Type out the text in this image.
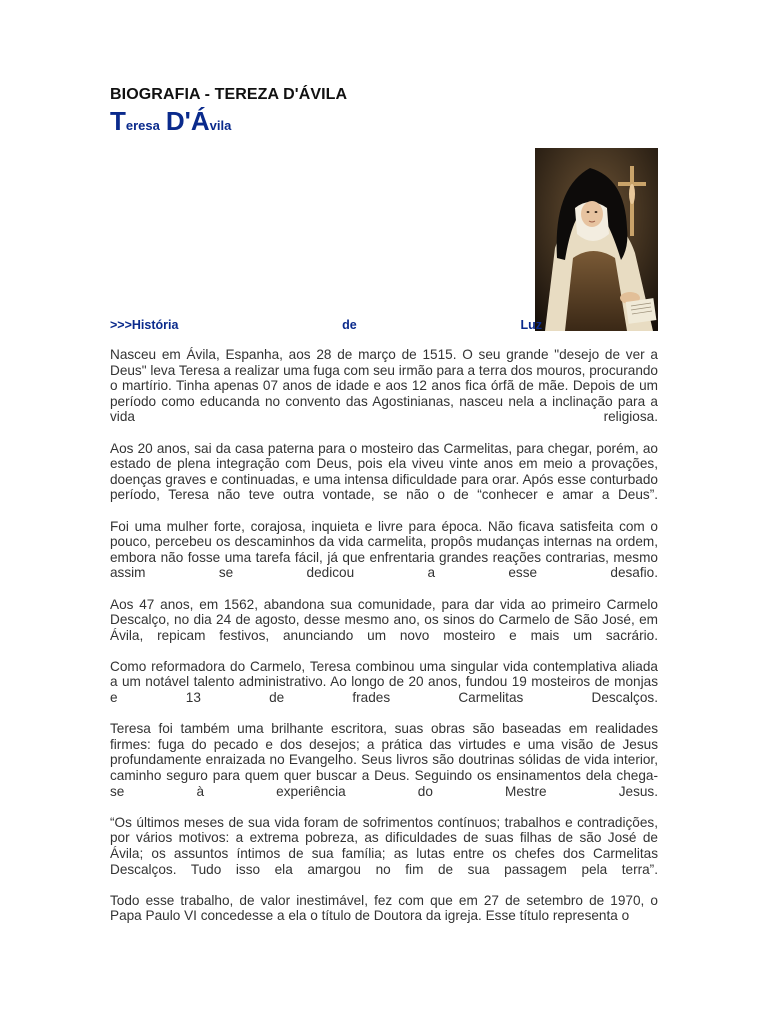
BIOGRAFIA - TEREZA D'ÁVILA
Teresa D'Ávila
>>>História	de	Luz

Nasceu em Ávila, Espanha, aos 28 de março de 1515. O seu grande "desejo de ver a Deus" leva Teresa a realizar uma fuga com seu irmão para a terra dos mouros, procurando o martírio. Tinha apenas 07 anos de idade e aos 12 anos fica órfã de mãe. Depois de um período como educanda no convento das Agostinianas, nasceu nela a inclinação para a vida religiosa.

Aos 20 anos, sai da casa paterna para o mosteiro das Carmelitas, para chegar, porém, ao estado de plena integração com Deus, pois ela viveu vinte anos em meio a provações, doenças graves e continuadas, e uma intensa dificuldade para orar. Após esse conturbado período, Teresa não teve outra vontade, se não o de “conhecer e amar a Deus”.

Foi uma mulher forte, corajosa, inquieta e livre para época. Não ficava satisfeita com o pouco, percebeu os descaminhos da vida carmelita, propôs mudanças internas na ordem, embora não fosse uma tarefa fácil, já que enfrentaria grandes reações contrarias, mesmo assim se dedicou a esse desafio.

Aos 47 anos, em 1562, abandona sua comunidade, para dar vida ao primeiro Carmelo Descalço, no dia 24 de agosto, desse mesmo ano, os sinos do Carmelo de São José, em Ávila, repicam festivos, anunciando um novo mosteiro e mais um sacrário.

Como reformadora do Carmelo, Teresa combinou uma singular vida contemplativa aliada a um notável talento administrativo. Ao longo de 20 anos, fundou 19 mosteiros de monjas e 13 de frades Carmelitas Descalços.

Teresa foi também uma brilhante escritora, suas obras são baseadas em realidades firmes: fuga do pecado e dos desejos; a prática das virtudes e uma visão de Jesus profundamente enraizada no Evangelho. Seus livros são doutrinas sólidas de vida interior, caminho seguro para quem quer buscar a Deus. Seguindo os ensinamentos dela chega-se à experiência do Mestre Jesus.

“Os últimos meses de sua vida foram de sofrimentos contínuos; trabalhos e contradições, por vários motivos: a extrema pobreza, as dificuldades de suas filhas de são José de Ávila; os assuntos íntimos de sua família; as lutas entre os chefes dos Carmelitas Descalços. Tudo isso ela amargou no fim de sua passagem pela terra”.

Todo esse trabalho, de valor inestimável, fez com que em 27 de setembro de 1970, o Papa Paulo VI concedesse a ela o título de Doutora da igreja. Esse título representa o
